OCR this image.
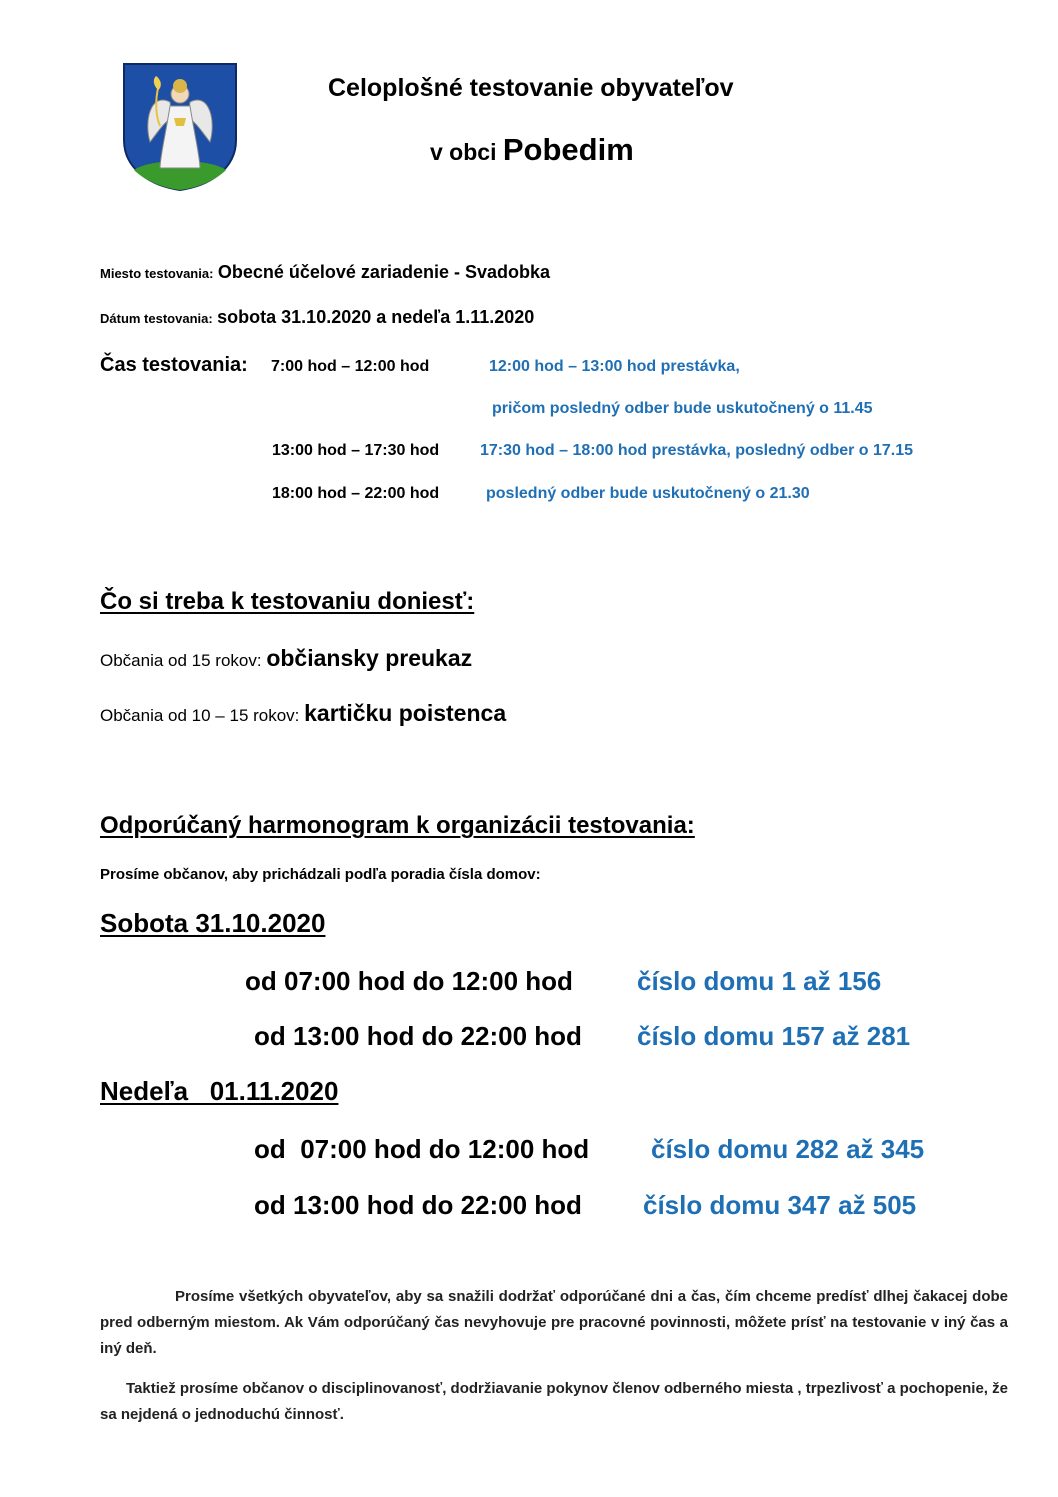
Celoplošné testovanie obyvateľov
v obci Pobedim
Miesto testovania: Obecné účelové zariadenie - Svadobka
Dátum testovania: sobota 31.10.2020 a nedeľa 1.11.2020
Čas testovania: 7:00 hod – 12:00 hod	12:00 hod – 13:00 hod prestávka,
pričom posledný odber bude uskutočnený o 11.45
13:00 hod – 17:30 hod	17:30 hod – 18:00 hod prestávka, posledný odber o 17.15
18:00 hod – 22:00 hod	posledný odber bude uskutočnený o 21.30
Čo si treba k testovaniu doniesť:
Občania od 15 rokov: občiansky preukaz
Občania od 10 – 15 rokov: kartičku poistenca
Odporúčaný harmonogram k organizácii testovania:
Prosíme občanov, aby prichádzali podľa poradia čísla domov:
Sobota 31.10.2020
od 07:00 hod do 12:00 hod číslo domu 1 až 156
od 13:00 hod do 22:00 hod číslo domu 157 až 281
Nedeľa   01.11.2020
od  07:00 hod do 12:00 hod číslo domu 282 až 345
od 13:00 hod do 22:00 hod číslo domu 347 až 505

Prosíme všetkých obyvateľov, aby sa snažili dodržať odporúčané dni a čas, čím chceme predísť dlhej čakacej dobe pred odberným miestom. Ak Vám odporúčaný čas nevyhovuje pre pracovné povinnosti, môžete prísť na testovanie v iný čas a iný deň.

Taktiež prosíme občanov o disciplinovanosť, dodržiavanie pokynov členov odberného miesta , trpezlivosť a pochopenie, že sa nejdená o jednoduchú činnosť.
